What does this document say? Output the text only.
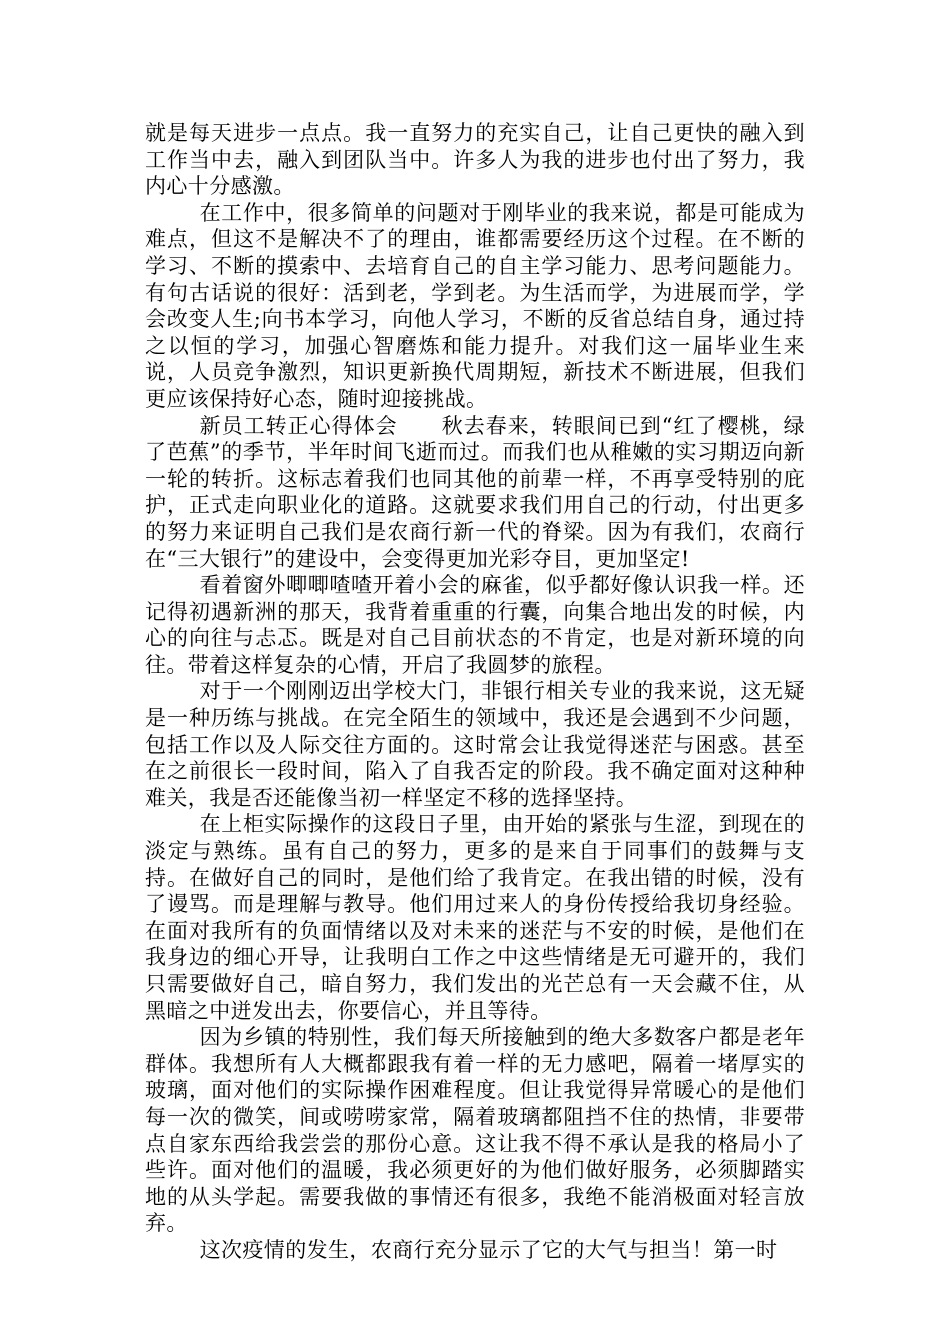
就是每天进步一点点。我一直努力的充实自己，让自己更快的融入到工作当中去，融入到团队当中。许多人为我的进步也付出了努力，我内心十分感激。

在工作中，很多简单的问题对于刚毕业的我来说，都是可能成为难点，但这不是解决不了的理由，谁都需要经历这个过程。在不断的学习、不断的摸索中、去培育自己的自主学习能力、思考问题能力。有句古话说的很好：活到老，学到老。为生活而学，为进展而学，学会改变人生;向书本学习，向他人学习，不断的反省总结自身，通过持之以恒的学习，加强心智磨炼和能力提升。对我们这一届毕业生来说，人员竞争激烈，知识更新换代周期短，新技术不断进展，但我们更应该保持好心态，随时迎接挑战。

新员工转正心得体会　　秋去春来，转眼间已到“红了樱桃，绿了芭蕉”的季节，半年时间飞逝而过。而我们也从稚嫩的实习期迈向新一轮的转折。这标志着我们也同其他的前辈一样，不再享受特别的庇护，正式走向职业化的道路。这就要求我们用自己的行动，付出更多的努力来证明自己我们是农商行新一代的脊梁。因为有我们，农商行在“三大银行”的建设中，会变得更加光彩夺目，更加坚定!

看着窗外唧唧喳喳开着小会的麻雀，似乎都好像认识我一样。还记得初遇新洲的那天，我背着重重的行囊，向集合地出发的时候，内心的向往与忐忑。既是对自己目前状态的不肯定，也是对新环境的向往。带着这样复杂的心情，开启了我圆梦的旅程。

对于一个刚刚迈出学校大门，非银行相关专业的我来说，这无疑是一种历练与挑战。在完全陌生的领域中，我还是会遇到不少问题，包括工作以及人际交往方面的。这时常会让我觉得迷茫与困惑。甚至在之前很长一段时间，陷入了自我否定的阶段。我不确定面对这种种难关，我是否还能像当初一样坚定不移的选择坚持。

在上柜实际操作的这段日子里，由开始的紧张与生涩，到现在的淡定与熟练。虽有自己的努力，更多的是来自于同事们的鼓舞与支持。在做好自己的同时，是他们给了我肯定。在我出错的时候，没有了谩骂。而是理解与教导。他们用过来人的身份传授给我切身经验。在面对我所有的负面情绪以及对未来的迷茫与不安的时候，是他们在我身边的细心开导，让我明白工作之中这些情绪是无可避开的，我们只需要做好自己，暗自努力，我们发出的光芒总有一天会藏不住，从黑暗之中迸发出去，你要信心，并且等待。

因为乡镇的特别性，我们每天所接触到的绝大多数客户都是老年群体。我想所有人大概都跟我有着一样的无力感吧，隔着一堵厚实的玻璃，面对他们的实际操作困难程度。但让我觉得异常暖心的是他们每一次的微笑，间或唠唠家常，隔着玻璃都阻挡不住的热情，非要带点自家东西给我尝尝的那份心意。这让我不得不承认是我的格局小了些许。面对他们的温暖，我必须更好的为他们做好服务，必须脚踏实地的从头学起。需要我做的事情还有很多，我绝不能消极面对轻言放弃。

这次疫情的发生，农商行充分显示了它的大气与担当！第一时
